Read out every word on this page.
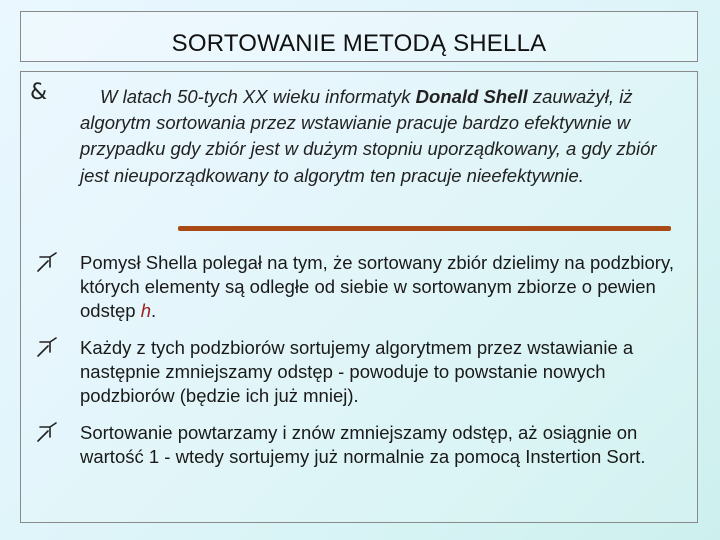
SORTOWANIE METODĄ SHELLA
&	W latach 50-tych XX wieku informatyk Donald Shell zauważył, iż algorytm sortowania przez wstawianie pracuje bardzo efektywnie w przypadku gdy zbiór jest w dużym stopniu uporządkowany, a gdy zbiór jest nieuporządkowany to algorytm ten pracuje nieefektywnie.
Pomysł Shella polegał na tym, że sortowany zbiór dzielimy na podzbiory, których elementy są odległe od siebie w sortowanym zbiorze o pewien odstęp h.
Każdy z tych podzbiorów sortujemy algorytmem przez wstawianie a następnie zmniejszamy odstęp - powoduje to powstanie nowych podzbiorów (będzie ich już mniej).
Sortowanie powtarzamy i znów zmniejszamy odstęp, aż osiągnie on wartość 1 - wtedy sortujemy już normalnie za pomocą Instertion Sort.
